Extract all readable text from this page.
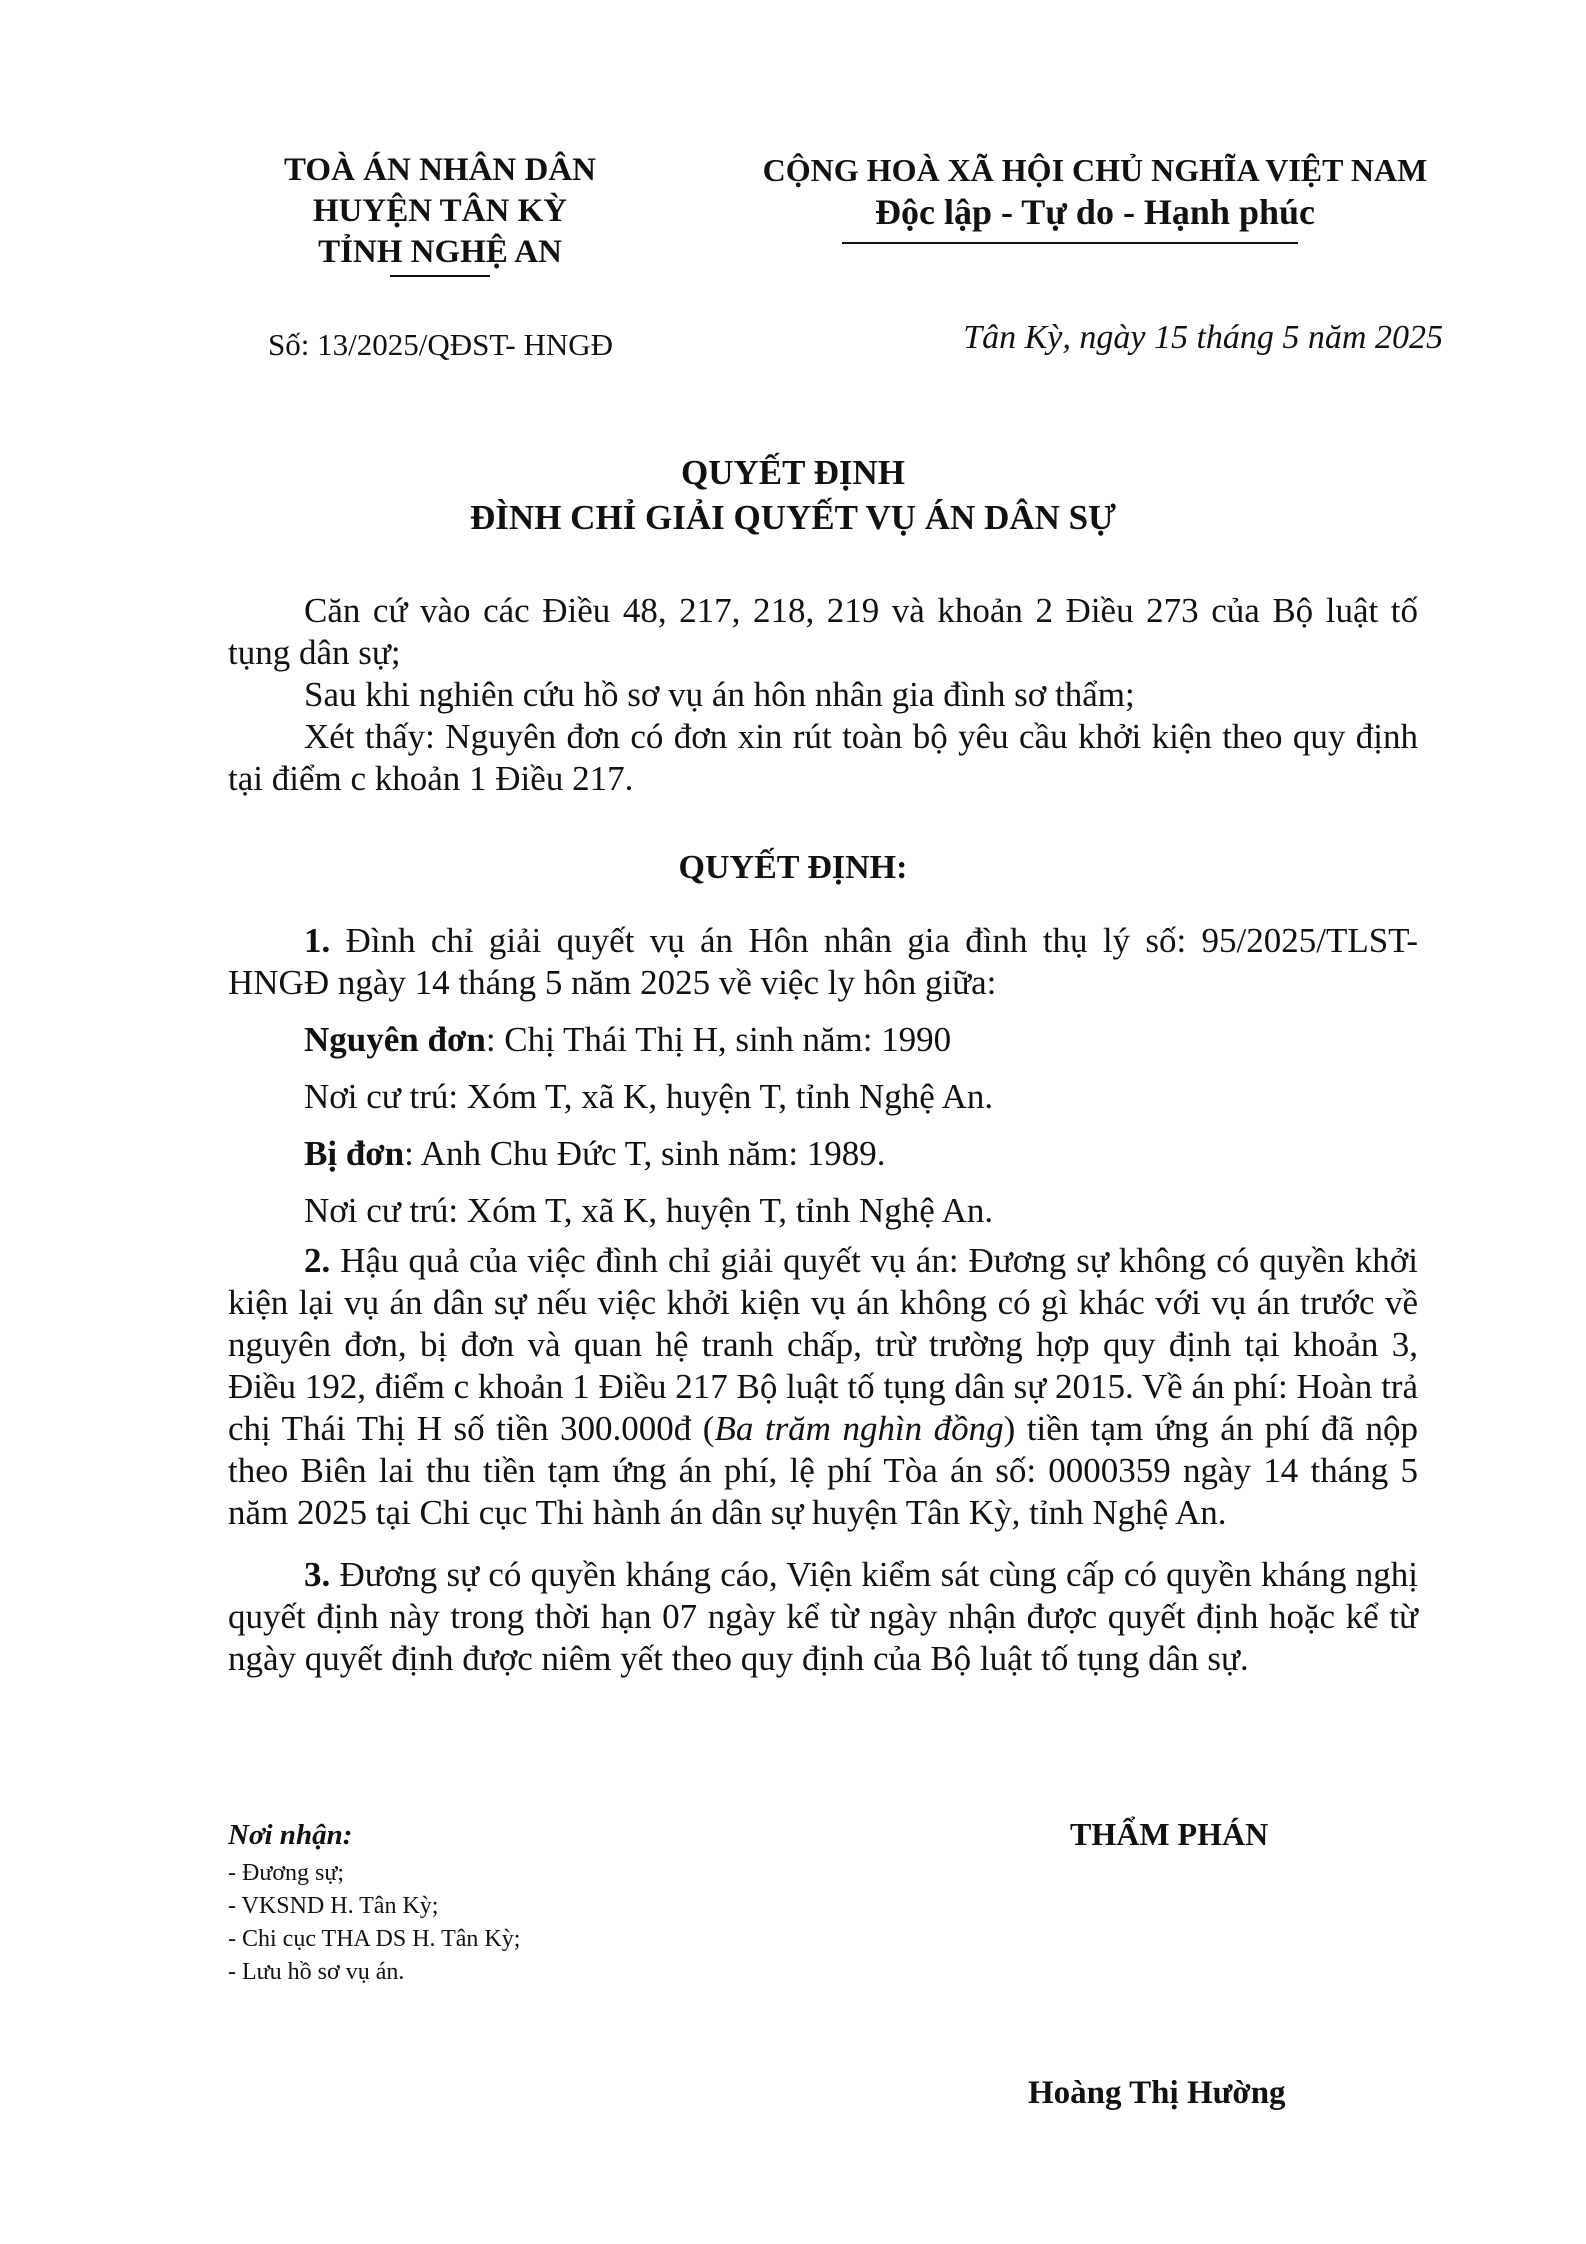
TOÀ ÁN NHÂN DÂN
HUYỆN TÂN KỲ
TỈNH NGHỆ AN
CỘNG HOÀ XÃ HỘI CHỦ NGHĨA VIỆT NAM
Độc lập - Tự do - Hạnh phúc
Số: 13/2025/QĐST- HNGĐ	Tân Kỳ, ngày 15 tháng 5 năm 2025
QUYẾT ĐỊNH
ĐÌNH CHỈ GIẢI QUYẾT VỤ ÁN DÂN SỰ

Căn cứ vào các Điều 48, 217, 218, 219 và khoản 2 Điều 273 của Bộ luật tố tụng dân sự;

Sau khi nghiên cứu hồ sơ vụ án hôn nhân gia đình sơ thẩm;

Xét thấy: Nguyên đơn có đơn xin rút toàn bộ yêu cầu khởi kiện theo quy định tại điểm c khoản 1 Điều 217.

QUYẾT ĐỊNH:

1. Đình chỉ giải quyết vụ án Hôn nhân gia đình thụ lý số: 95/2025/TLST-HNGĐ ngày 14 tháng 5 năm 2025 về việc ly hôn giữa:

Nguyên đơn: Chị Thái Thị H, sinh năm: 1990

Nơi cư trú: Xóm T, xã K, huyện T, tỉnh Nghệ An.

Bị đơn: Anh Chu Đức T, sinh năm: 1989.

Nơi cư trú: Xóm T, xã K, huyện T, tỉnh Nghệ An.

2. Hậu quả của việc đình chỉ giải quyết vụ án: Đương sự không có quyền khởi kiện lại vụ án dân sự nếu việc khởi kiện vụ án không có gì khác với vụ án trước về nguyên đơn, bị đơn và quan hệ tranh chấp, trừ trường hợp quy định tại khoản 3, Điều 192, điểm c khoản 1 Điều 217 Bộ luật tố tụng dân sự 2015. Về án phí: Hoàn trả chị Thái Thị H số tiền 300.000đ (Ba trăm nghìn đồng) tiền tạm ứng án phí đã nộp theo Biên lai thu tiền tạm ứng án phí, lệ phí Tòa án số: 0000359 ngày 14 tháng 5 năm 2025 tại Chi cục Thi hành án dân sự huyện Tân Kỳ, tỉnh Nghệ An.

3. Đương sự có quyền kháng cáo, Viện kiểm sát cùng cấp có quyền kháng nghị quyết định này trong thời hạn 07 ngày kể từ ngày nhận được quyết định hoặc kể từ ngày quyết định được niêm yết theo quy định của Bộ luật tố tụng dân sự.

Nơi nhận:
- Đương sự;
- VKSND H. Tân Kỳ;
- Chi cục THA DS H. Tân Kỳ;
- Lưu hồ sơ vụ án.
THẨM PHÁN
Hoàng Thị Hường
